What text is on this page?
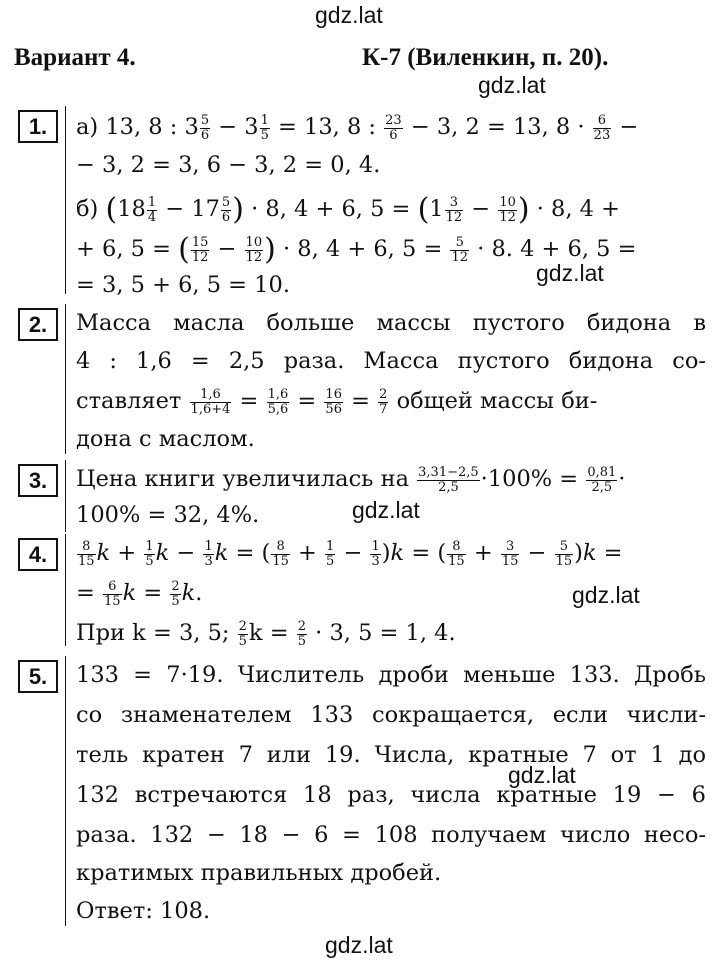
gdz.lat
gdz.lat
gdz.lat
gdz.lat
gdz.lat
gdz.lat
gdz.lat
Вариант 4.	К-7 (Виленкин, п. 20).
1.	а) 13, 8 : $3 \frac{5}{6} - 3 \frac{1}{5} = 13$, 8 : $\frac{23}{6} - 3$, 2 = 13, $8 \cdot \frac{6}{23}$ −
− 3, 2 = 3, 6 − 3, 2 = 0, 4.
б) ($18 \frac{1}{4} - 17 \frac{5}{6}$ ) · 8, 4 + 6, $5 = (1 \frac{3}{12} - \frac{10}{12}$ ) · 8, 4 +
+ 6, 5 = ( $\frac{15}{12} - \frac{10}{12}$ ) · 8, 4 + 6, $5 = \frac{5}{12} \cdot 8$. 4 + 6, 5 =
= 3, 5 + 6, 5 = 10.
2.	Масса масла больше массы пустого бидона в
4 : 1,6 = 2,5 раза. Масса пустого бидона со-
ставляет $\frac{1,6}{1,6+4} = \frac{1,6}{5,6} = \frac{16}{56} = \frac{2}{7}$ общей массы би-
дона с маслом.
3.	Цена книги увеличилась на $\frac{3,31-2,5}{2,5} \cdot 100\% = \frac{0,81}{2,5}$ ·
100% = 32, 4%.
4.	$\frac{8}{15}$ $k + \frac{1}{5}$ $k - \frac{1}{3}$ k = ( $\frac{8}{15} + \frac{1}{5} - \frac{1}{3} )k$ = ( $\frac{8}{15} + \frac{3}{15} - \frac{5}{15} )k$ =
= $\frac{6}{15}$ $k = \frac{2}{5} k$.
При k = 3, 5; $\frac{2}{5}$ $k = \frac{2}{5} \cdot 3$, 5 = 1, 4.
5.	133 = 7·19. Числитель дроби меньше 133. Дробь
со знаменателем 133 сокращается, если числи-
тель кратен 7 или 19. Числа, кратные 7 от 1 до
132 встречаются 18 раз, числа кратные 19 − 6
раза. 132 − 18 − 6 = 108 получаем число несо-
кратимых правильных дробей.
Ответ: 108.
